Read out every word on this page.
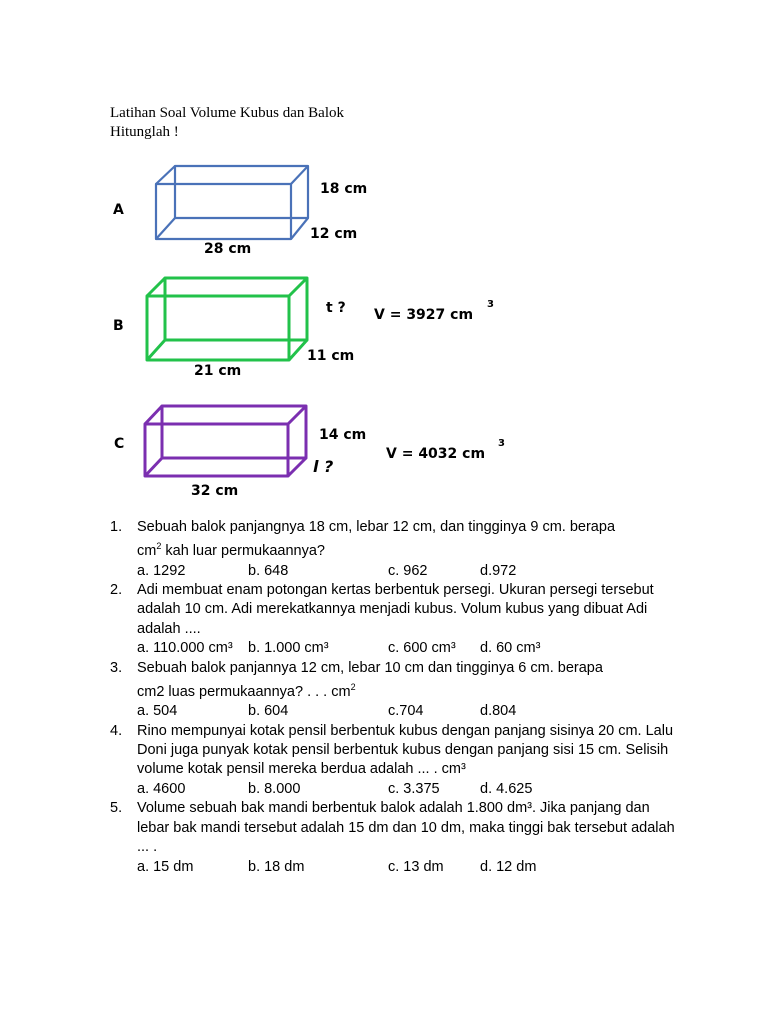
Latihan Soal Volume Kubus dan Balok
Hitunglah !
A
18 cm
12 cm
28 cm
B
t ?
11 cm
21 cm
V = 3927 cm
3
C
14 cm
l ?
32 cm
V = 4032 cm
3
1. Sebuah balok panjangnya 18 cm, lebar 12 cm, dan tingginya 9 cm. berapa
$cm^2$ kah luar permukaannya?
a. 1292	b. 648	c. 962	d.972
2. Adi membuat enam potongan kertas berbentuk persegi. Ukuran persegi tersebut adalah 10 cm. Adi merekatkannya menjadi kubus. Volum kubus yang dibuat Adi adalah ....
a. 110.000 cm³ b. 1.000 cm³	c. 600 cm³ d. 60 cm³
3. Sebuah balok panjannya 12 cm, lebar 10 cm dan tingginya 6 cm. berapa
cm2 luas permukaannya? . . . $cm^2$
a. 504	b. 604	c.704	d.804
4. Rino mempunyai kotak pensil berbentuk kubus dengan panjang sisinya 20 cm. Lalu Doni juga punyak kotak pensil berbentuk kubus dengan panjang sisi 15 cm. Selisih volume kotak pensil mereka berdua adalah ... . cm³
a. 4600	b. 8.000	c. 3.375	d. 4.625
5. Volume sebuah bak mandi berbentuk balok adalah 1.800 dm³. Jika panjang dan lebar bak mandi tersebut adalah 15 dm dan 10 dm, maka tinggi bak tersebut adalah ... .
a. 15 dm	b. 18 dm	c. 13 dm	d. 12 dm
